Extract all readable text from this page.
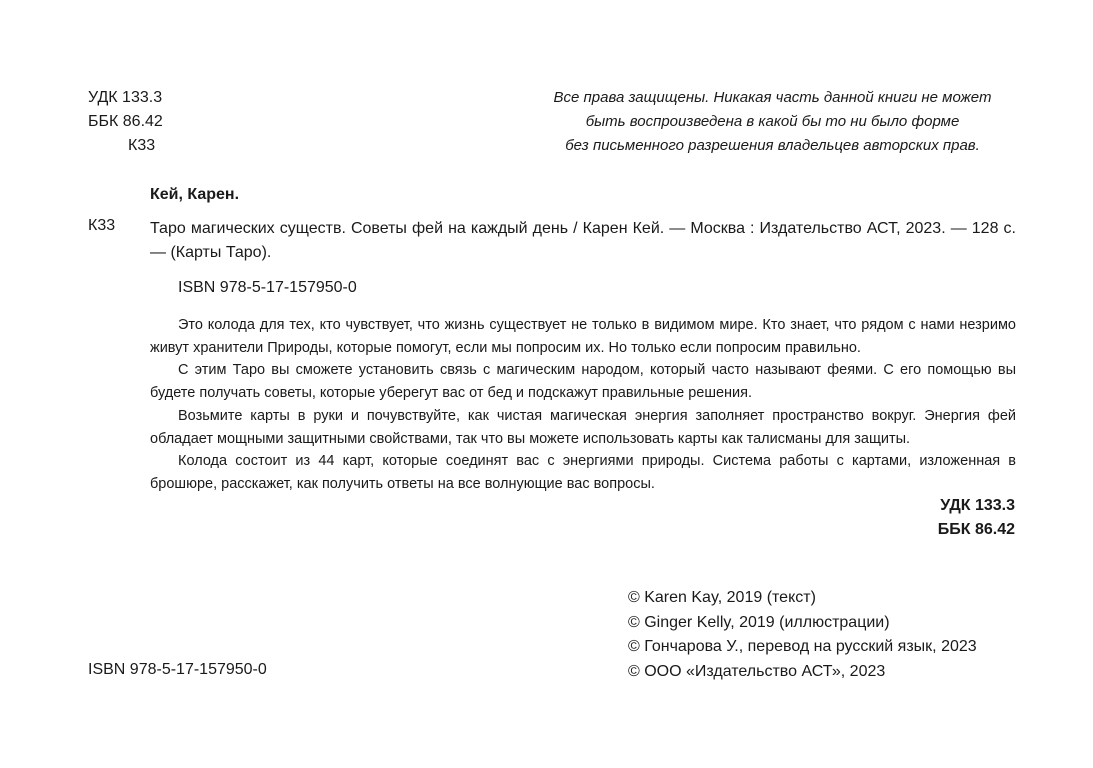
УДК 133.3
ББК 86.42
К33
Все права защищены. Никакая часть данной книги не может
быть воспроизведена в какой бы то ни было форме
без письменного разрешения владельцев авторских прав.
Кей, Карен.
К33 Таро магических существ. Советы фей на каждый день / Карен Кей. — Москва : Издательство АСТ, 2023. — 128 с. — (Карты Таро).
ISBN 978-5-17-157950-0

Это колода для тех, кто чувствует, что жизнь существует не только в видимом мире. Кто знает, что рядом с нами незримо живут хранители Природы, которые помогут, если мы попросим их. Но только если попросим правильно.

С этим Таро вы сможете установить связь с магическим народом, который часто называют феями. С его помощью вы будете получать советы, которые уберегут вас от бед и подскажут правильные решения.

Возьмите карты в руки и почувствуйте, как чистая магическая энергия заполняет пространство вокруг. Энергия фей обладает мощными защитными свойствами, так что вы можете использовать карты как талисманы для защиты.

Колода состоит из 44 карт, которые соединят вас с энергиями природы. Система работы с картами, изложенная в брошюре, расскажет, как получить ответы на все волнующие вас вопросы.

УДК 133.3
ББК 86.42
© Karen Kay, 2019 (текст)
© Ginger Kelly, 2019 (иллюстрации)
© Гончарова У., перевод на русский язык, 2023
© ООО «Издательство АСТ», 2023
ISBN 978-5-17-157950-0
